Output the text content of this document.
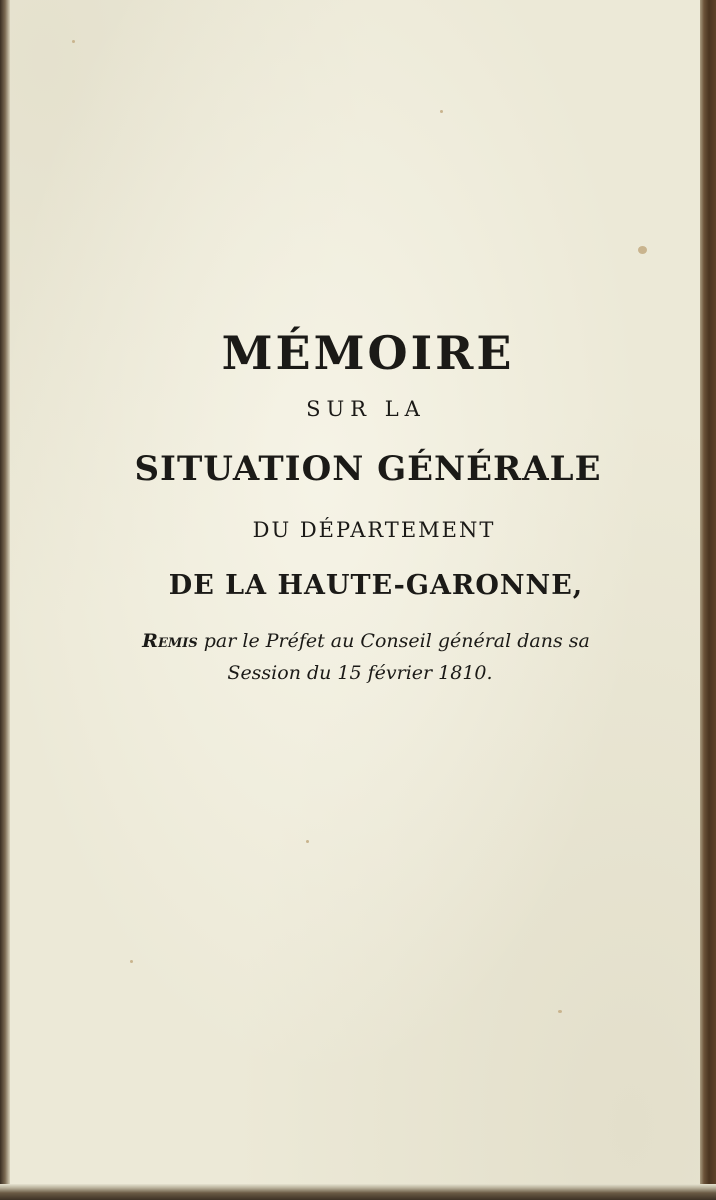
MÉMOIRE
SUR LA
SITUATION GÉNÉRALE
DU DÉPARTEMENT
DE LA HAUTE-GARONNE,
Remis par le Préfet au Conseil général dans sa
Session du 15 février 1810.
